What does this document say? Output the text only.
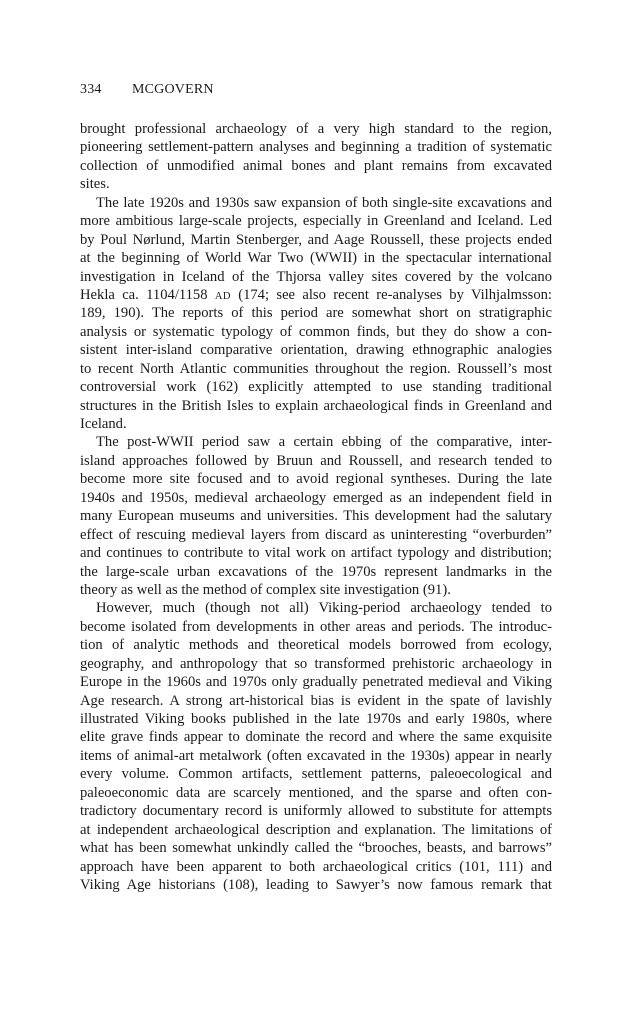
334 MCGOVERN
brought professional archaeology of a very high standard to the region,
pioneering settlement-pattern analyses and beginning a tradition of systematic
collection of unmodified animal bones and plant remains from excavated
sites.
The late 1920s and 1930s saw expansion of both single-site excavations and
more ambitious large-scale projects, especially in Greenland and Iceland. Led
by Poul Nørlund, Martin Stenberger, and Aage Roussell, these projects ended
at the beginning of World War Two (WWII) in the spectacular international
investigation in Iceland of the Thjorsa valley sites covered by the volcano
Hekla ca. 1104/1158 AD (174; see also recent re-analyses by Vilhjalmsson:
189, 190). The reports of this period are somewhat short on stratigraphic
analysis or systematic typology of common finds, but they do show a con-
sistent inter-island comparative orientation, drawing ethnographic analogies
to recent North Atlantic communities throughout the region. Roussell’s most
controversial work (162) explicitly attempted to use standing traditional
structures in the British Isles to explain archaeological finds in Greenland and
Iceland.
The post-WWII period saw a certain ebbing of the comparative, inter-
island approaches followed by Bruun and Roussell, and research tended to
become more site focused and to avoid regional syntheses. During the late
1940s and 1950s, medieval archaeology emerged as an independent field in
many European museums and universities. This development had the salutary
effect of rescuing medieval layers from discard as uninteresting “overburden”
and continues to contribute to vital work on artifact typology and distribution;
the large-scale urban excavations of the 1970s represent landmarks in the
theory as well as the method of complex site investigation (91).
However, much (though not all) Viking-period archaeology tended to
become isolated from developments in other areas and periods. The introduc-
tion of analytic methods and theoretical models borrowed from ecology,
geography, and anthropology that so transformed prehistoric archaeology in
Europe in the 1960s and 1970s only gradually penetrated medieval and Viking
Age research. A strong art-historical bias is evident in the spate of lavishly
illustrated Viking books published in the late 1970s and early 1980s, where
elite grave finds appear to dominate the record and where the same exquisite
items of animal-art metalwork (often excavated in the 1930s) appear in nearly
every volume. Common artifacts, settlement patterns, paleoecological and
paleoeconomic data are scarcely mentioned, and the sparse and often con-
tradictory documentary record is uniformly allowed to substitute for attempts
at independent archaeological description and explanation. The limitations of
what has been somewhat unkindly called the “brooches, beasts, and barrows”
approach have been apparent to both archaeological critics (101, 111) and
Viking Age historians (108), leading to Sawyer’s now famous remark that
